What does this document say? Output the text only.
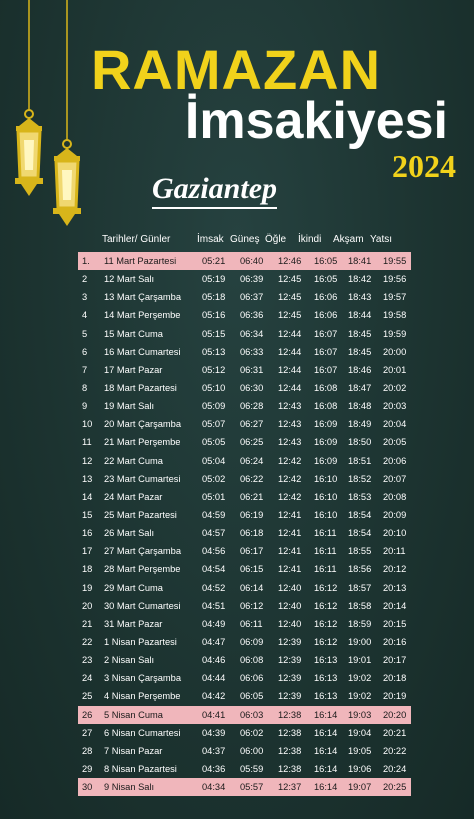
RAMAZAN
İmsakiyesi
2024
Gaziantep
Tarihler/ Günler	İmsak Güneş Öğle İkindi Akşam Yatsı
1.	11 Mart Pazartesi	05:21	06:40	12:46	16:05	18:41	19:55
2	12 Mart Salı	05:19	06:39	12:45	16:05	18:42	19:56
3	13 Mart Çarşamba	05:18	06:37	12:45	16:06	18:43	19:57
4	14 Mart Perşembe	05:16	06:36	12:45	16:06	18:44	19:58
5	15 Mart Cuma	05:15	06:34	12:44	16:07	18:45	19:59
6	16 Mart Cumartesi	05:13	06:33	12:44	16:07	18:45	20:00
7	17 Mart Pazar	05:12	06:31	12:44	16:07	18:46	20:01
8	18 Mart Pazartesi	05:10	06:30	12:44	16:08	18:47	20:02
9	19 Mart Salı	05:09	06:28	12:43	16:08	18:48	20:03
10	20 Mart Çarşamba	05:07	06:27	12:43	16:09	18:49	20:04
11	21 Mart Perşembe	05:05	06:25	12:43	16:09	18:50	20:05
12	22 Mart Cuma	05:04	06:24	12:42	16:09	18:51	20:06
13	23 Mart Cumartesi	05:02	06:22	12:42	16:10	18:52	20:07
14	24 Mart Pazar	05:01	06:21	12:42	16:10	18:53	20:08
15	25 Mart Pazartesi	04:59	06:19	12:41	16:10	18:54	20:09
16	26 Mart Salı	04:57	06:18	12:41	16:11	18:54	20:10
17	27 Mart Çarşamba	04:56	06:17	12:41	16:11	18:55	20:11
18	28 Mart Perşembe	04:54	06:15	12:41	16:11	18:56	20:12
19	29 Mart Cuma	04:52	06:14	12:40	16:12	18:57	20:13
20	30 Mart Cumartesi	04:51	06:12	12:40	16:12	18:58	20:14
21	31 Mart Pazar	04:49	06:11	12:40	16:12	18:59	20:15
22	1 Nisan Pazartesi	04:47	06:09	12:39	16:12	19:00	20:16
23	2 Nisan Salı	04:46	06:08	12:39	16:13	19:01	20:17
24	3 Nisan Çarşamba	04:44	06:06	12:39	16:13	19:02	20:18
25	4 Nisan Perşembe	04:42	06:05	12:39	16:13	19:02	20:19
26	5 Nisan Cuma	04:41	06:03	12:38	16:14	19:03	20:20
27	6 Nisan Cumartesi	04:39	06:02	12:38	16:14	19:04	20:21
28	7 Nisan Pazar	04:37	06:00	12:38	16:14	19:05	20:22
29	8 Nisan Pazartesi	04:36	05:59	12:38	16:14	19:06	20:24
30	9 Nisan Salı	04:34	05:57	12:37	16:14	19:07	20:25
